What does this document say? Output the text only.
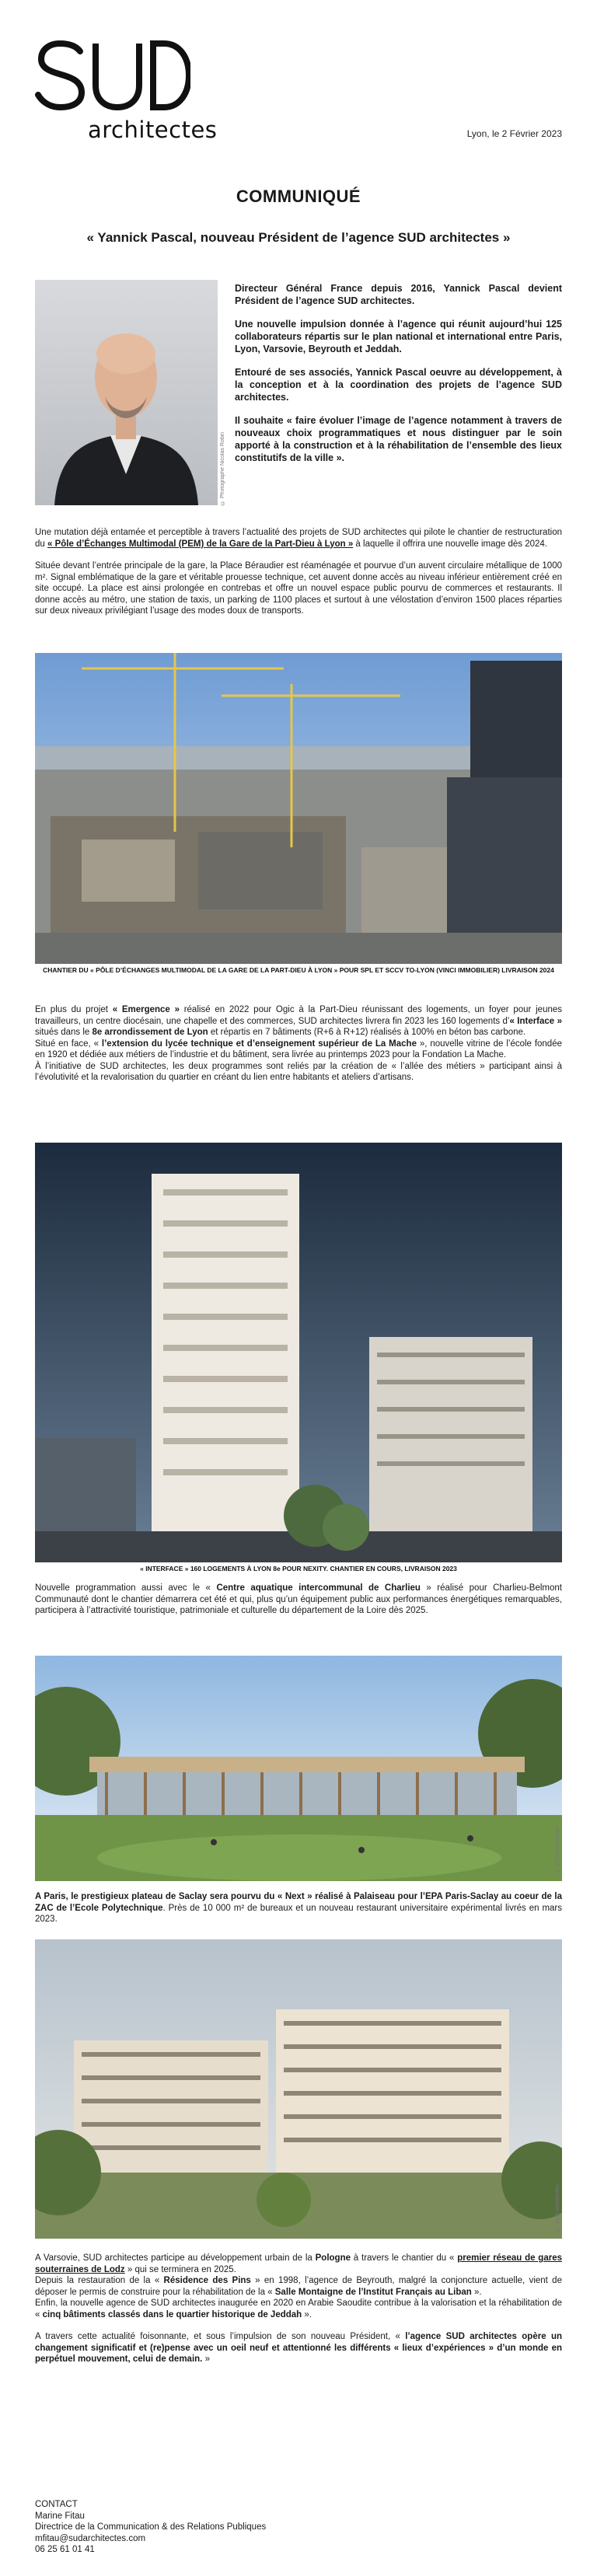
architectes	Lyon, le 2 Février 2023
COMMUNIQUÉ
« Yannick Pascal, nouveau Président de l’agence SUD architectes »
© Photographe Nicolas Robin

Directeur Général France depuis 2016, Yannick Pascal devient Président de l’agence SUD architectes.

Une nouvelle impulsion donnée à l’agence qui réunit aujourd’hui 125 collaborateurs répartis sur le plan national et international entre Paris, Lyon, Varsovie, Beyrouth et Jeddah.

Entouré de ses associés, Yannick Pascal oeuvre au développement, à la conception et à la coordination des projets de l’agence SUD architectes.

Il souhaite « faire évoluer l’image de l’agence notamment à travers de nouveaux choix programmatiques et nous distinguer par le soin apporté à la construction et à la réhabilitation de l’ensemble des lieux constitutifs de la ville ».

Une mutation déjà entamée et perceptible à travers l’actualité des projets de SUD architectes qui pilote le chantier de restructuration du « Pôle d’Échanges Multimodal (PEM) de la Gare de la Part-Dieu à Lyon » à laquelle il offrira une nouvelle image dès 2024.

Située devant l’entrée principale de la gare, la Place Béraudier est réaménagée et pourvue d’un auvent circulaire métallique de 1000 m². Signal emblématique de la gare et véritable prouesse technique, cet auvent donne accès au niveau inférieur entièrement créé en site occupé. La place est ainsi prolongée en contrebas et offre un nouvel espace public pourvu de commerces et restaurants. Il donne accès au métro, une station de taxis, un parking de 1100 places et surtout à une vélostation d’environ 1500 places réparties sur deux niveaux privilégiant l’usage des modes doux de transports.

CHANTIER DU « PÔLE D’ÉCHANGES MULTIMODAL DE LA GARE DE LA PART-DIEU À LYON » POUR SPL ET SCCV TO-LYON (VINCI IMMOBILIER) LIVRAISON 2024

En plus du projet « Emergence » réalisé en 2022 pour Ogic à la Part-Dieu réunissant des logements, un foyer pour jeunes travailleurs, un centre diocésain, une chapelle et des commerces, SUD architectes livrera fin 2023 les 160 logements d’« Interface » situés dans le 8e arrondissement de Lyon et répartis en 7 bâtiments (R+6 à R+12) réalisés à 100% en béton bas carbone.

Situé en face, « l’extension du lycée technique et d’enseignement supérieur de La Mache », nouvelle vitrine de l’école fondée en 1920 et dédiée aux métiers de l’industrie et du bâtiment, sera livrée au printemps 2023 pour la Fondation La Mache.

À l’initiative de SUD architectes, les deux programmes sont reliés par la création de « l’allée des métiers » participant ainsi à l’évolutivité et la revalorisation du quartier en créant du lien entre habitants et ateliers d’artisans.

« INTERFACE » 160 LOGEMENTS À LYON 8e POUR NEXITY. CHANTIER EN COURS, LIVRAISON 2023

Nouvelle programmation aussi avec le « Centre aquatique intercommunal de Charlieu » réalisé pour Charlieu-Belmont Communauté dont le chantier démarrera cet été et qui, plus qu’un équipement public aux performances énergétiques remarquables, participera à l’attractivité touristique, patrimoniale et culturelle du département de la Loire dès 2025.

© SUD architectes

A Paris, le prestigieux plateau de Saclay sera pourvu du « Next » réalisé à Palaiseau pour l’EPA Paris-Saclay au coeur de la ZAC de l’Ecole Polytechnique. Près de 10 000 m² de bureaux et un nouveau restaurant universitaire expérimental livrés en mars 2023.

© SUD architectes

A Varsovie, SUD architectes participe au développement urbain de la Pologne à travers le chantier du « premier réseau de gares souterraines de Lodz » qui se terminera en 2025.

Depuis la restauration de la « Résidence des Pins » en 1998, l’agence de Beyrouth, malgré la conjoncture actuelle, vient de déposer le permis de construire pour la réhabilitation de la « Salle Montaigne de l’Institut Français au Liban ».

Enfin, la nouvelle agence de SUD architectes inaugurée en 2020 en Arabie Saoudite contribue à la valorisation et la réhabilitation de « cinq bâtiments classés dans le quartier historique de Jeddah ».

A travers cette actualité foisonnante, et sous l’impulsion de son nouveau Président, « l’agence SUD architectes opère un changement significatif et (re)pense avec un oeil neuf et attentionné les différents « lieux d’expériences » d’un monde en perpétuel mouvement, celui de demain. »

CONTACT
Marine Fitau
Directrice de la Communication & des Relations Publiques
mfitau@sudarchitectes.com
06 25 61 01 41
